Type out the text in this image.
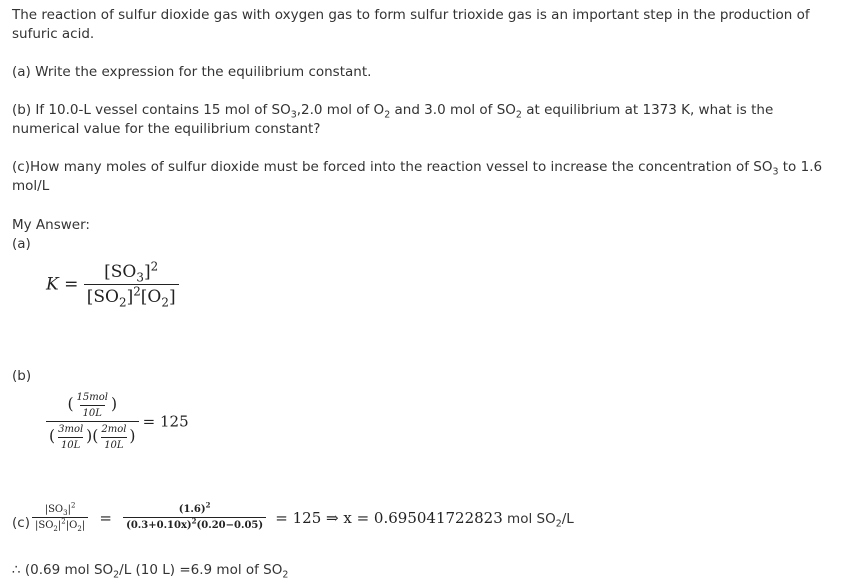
The reaction of sulfur dioxide gas with oxygen gas to form sulfur trioxide gas is an important step in the production of
sufuric acid.
(a) Write the expression for the equilibrium constant.
(b) If 10.0-L vessel contains 15 mol of $SO_3,2.0$ mol of $O_2$ and 3.0 mol of $SO_2$ at equilibrium at 1373 K, what is the
numerical value for the equilibrium constant?
(c)How many moles of sulfur dioxide must be forced into the reaction vessel to increase the concentration of $SO_3$ to 1.6
mol/L
My Answer:
(a)
$K = \frac{[SO_3]^2}{[SO_2]^2[O_2]}$
(b)
$\frac{( \frac{\text{15mol}}{10L} )}{( \frac{\text{3mol}}{10L} )( \frac{\text{2mol}}{10L} )} = 125$
$(c) \frac{|SO_3|^2}{|SO_2|^2|O_2|} = \frac{(1.6)^2}{(0.3+0.10x)^2(0.20-0.05)} = 125$ ⇒ x = 0.695041722823 mol $SO_2/L$
∴ (0.69 mol $SO_2/L$ (10 L) =6.9 mol of $SO_2$
